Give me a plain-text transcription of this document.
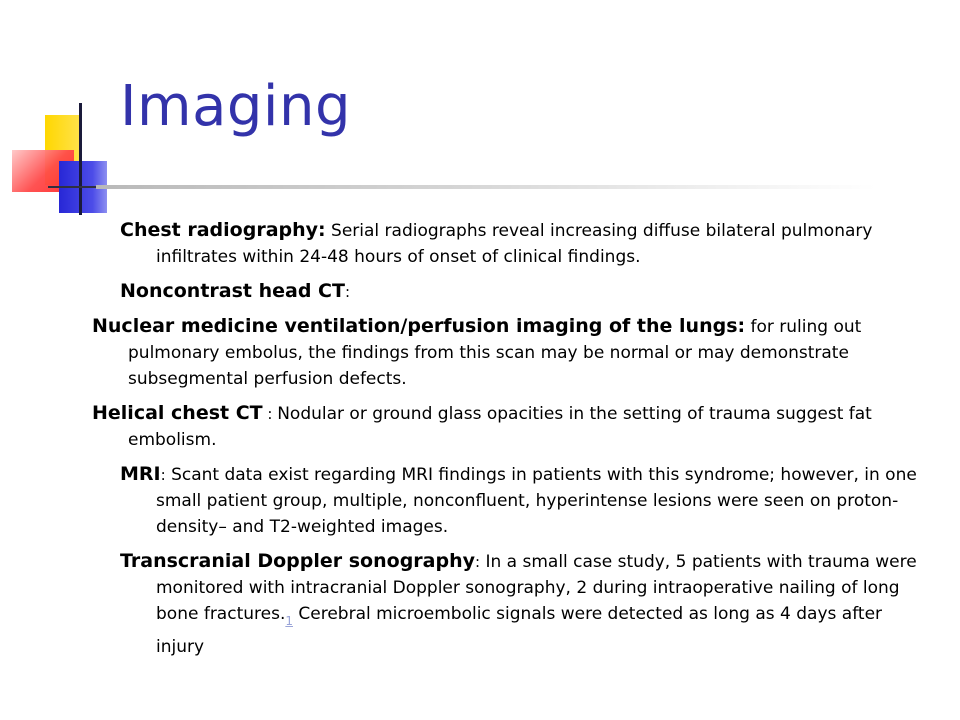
Imaging

Chest radiography: Serial radiographs reveal increasing diffuse bilateral pulmonary infiltrates within 24-48 hours of onset of clinical findings.

Noncontrast head CT:

Nuclear medicine ventilation/perfusion imaging of the lungs: for ruling out pulmonary embolus, the findings from this scan may be normal or may demonstrate subsegmental perfusion defects.

Helical chest CT : Nodular or ground glass opacities in the setting of trauma suggest fat embolism.

MRI: Scant data exist regarding MRI findings in patients with this syndrome; however, in one small patient group, multiple, nonconfluent, hyperintense lesions were seen on proton-density– and T2-weighted images.

Transcranial Doppler sonography: In a small case study, 5 patients with trauma were monitored with intracranial Doppler sonography, 2 during intraoperative nailing of long bone $fractures._1$ Cerebral microembolic signals were detected as long as 4 days after injury
